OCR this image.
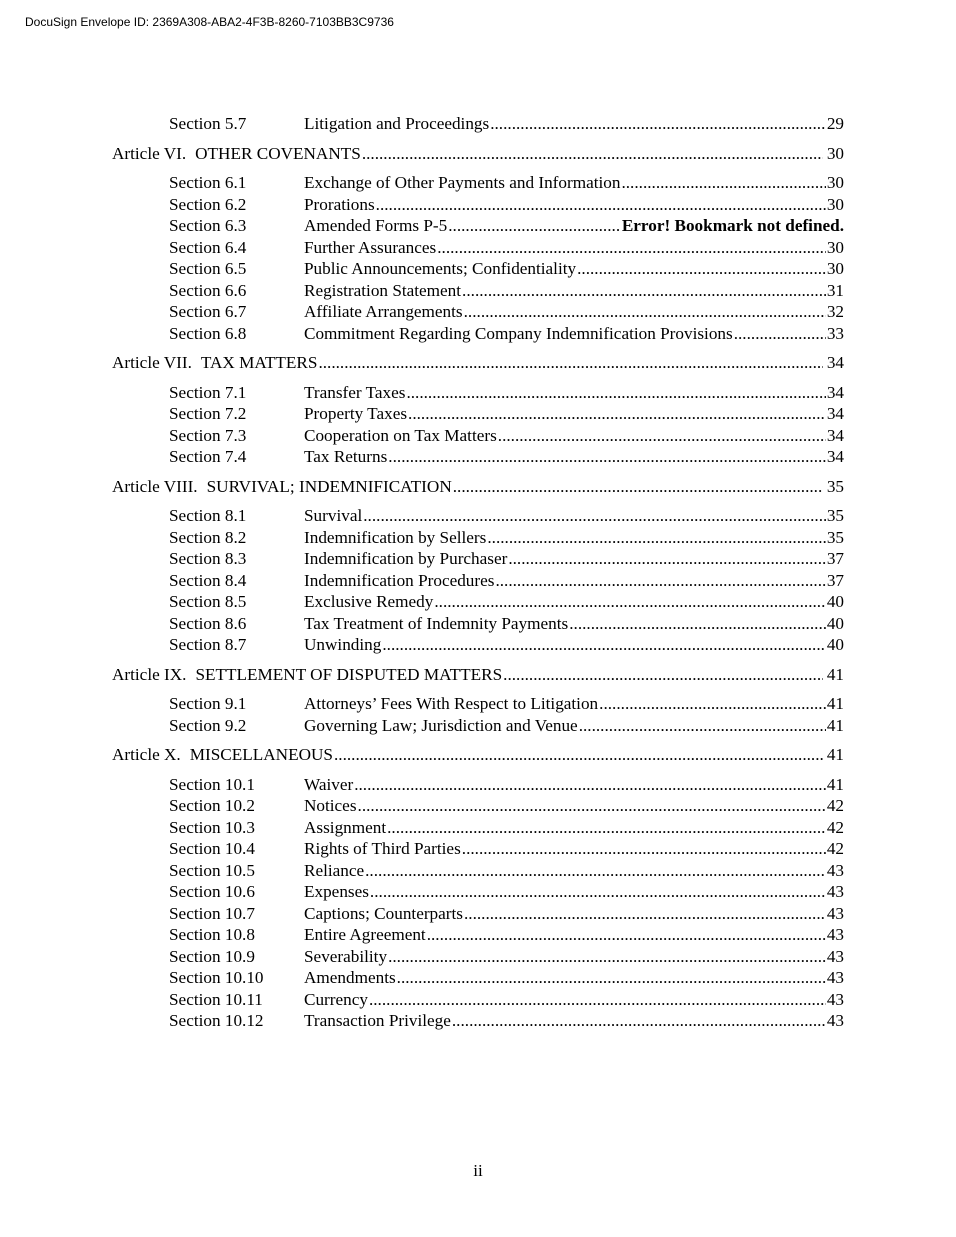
DocuSign Envelope ID: 2369A308-ABA2-4F3B-8260-7103BB3C9736
Section 5.7	Litigation and Proceedings .....	29
Article VI. OTHER COVENANTS .....	30
Section 6.1	Exchange of Other Payments and Information .....	30
Section 6.2	Prorations .....	30
Section 6.3	Amended Forms P-5 .....	Error! Bookmark not defined.
Section 6.4	Further Assurances .....	30
Section 6.5	Public Announcements; Confidentiality .....	30
Section 6.6	Registration Statement .....	31
Section 6.7	Affiliate Arrangements .....	32
Section 6.8	Commitment Regarding Company Indemnification Provisions .....	33
Article VII. TAX MATTERS .....	34
Section 7.1	Transfer Taxes .....	34
Section 7.2	Property Taxes .....	34
Section 7.3	Cooperation on Tax Matters .....	34
Section 7.4	Tax Returns .....	34
Article VIII. SURVIVAL; INDEMNIFICATION .....	35
Section 8.1	Survival .....	35
Section 8.2	Indemnification by Sellers .....	35
Section 8.3	Indemnification by Purchaser .....	37
Section 8.4	Indemnification Procedures .....	37
Section 8.5	Exclusive Remedy .....	40
Section 8.6	Tax Treatment of Indemnity Payments .....	40
Section 8.7	Unwinding .....	40
Article IX. SETTLEMENT OF DISPUTED MATTERS .....	41
Section 9.1	Attorneys’ Fees With Respect to Litigation .....	41
Section 9.2	Governing Law; Jurisdiction and Venue .....	41
Article X. MISCELLANEOUS .....	41
Section 10.1	Waiver .....	41
Section 10.2	Notices .....	42
Section 10.3	Assignment .....	42
Section 10.4	Rights of Third Parties .....	42
Section 10.5	Reliance .....	43
Section 10.6	Expenses .....	43
Section 10.7	Captions; Counterparts .....	43
Section 10.8	Entire Agreement .....	43
Section 10.9	Severability .....	43
Section 10.10	Amendments .....	43
Section 10.11	Currency .....	43
Section 10.12	Transaction Privilege .....	43
ii
